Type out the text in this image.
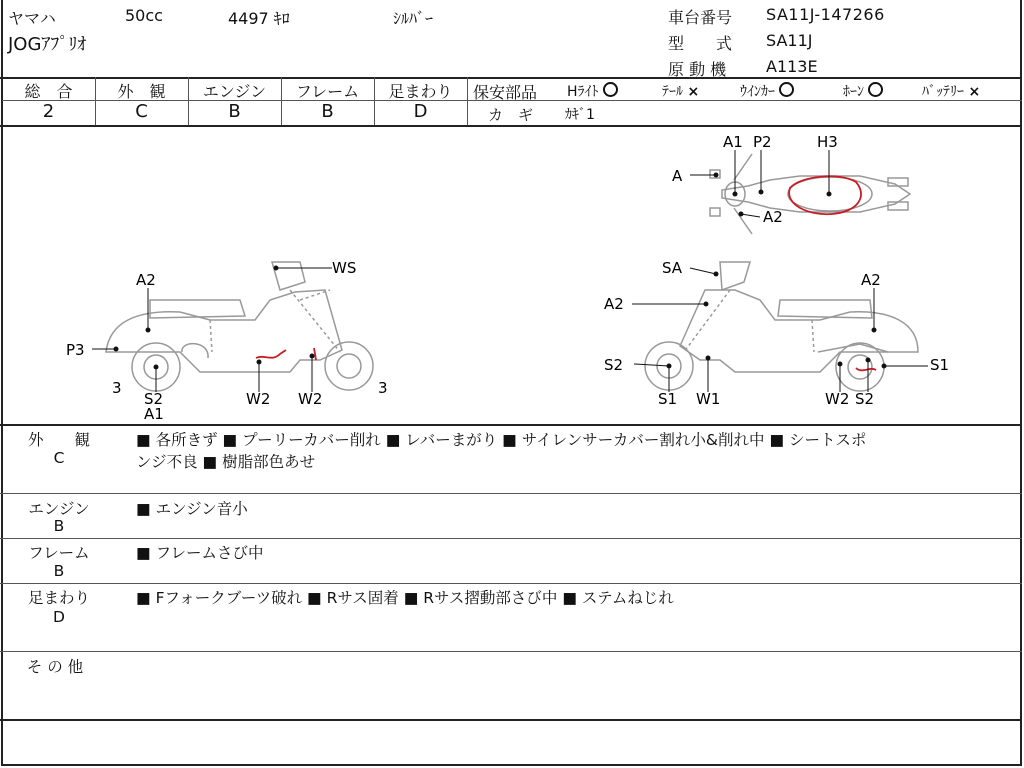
ヤマハ	50cc	4497 ｷﾛ	ｼﾙﾊﾞｰ
JOGｱﾌﾟﾘｵ
車台番号 SA11J-147266
型　　式 SA11J
原 動 機 A113E
総　合	外　観	エンジン	フレーム	足まわり
2	C	B	B	D
保安部品 Hﾗｲﾄ	ﾃｰﾙ ×	ｳｲﾝｶｰ	ﾎｰﾝ	ﾊﾞｯﾃﾘｰ ×
カ　ギ ｶｷﾞ1
A
A1 P2	H3
A2
WS
A2
P3
3
S2
A1
W2 W2
3
SA
A2
A2
S2
S1 W1	W2 S2
S1
外　　観
C
■ 各所きず ■ プーリーカバー削れ ■ レバーまがり ■ サイレンサーカバー割れ小&削れ中 ■ シートスポ
ンジ不良 ■ 樹脂部色あせ
エンジン
B
■ エンジン音小
フレーム
B
■ フレームさび中
足まわり
D
■ Fフォークブーツ破れ ■ Rサス固着 ■ Rサス摺動部さび中 ■ ステムねじれ
そ の 他
